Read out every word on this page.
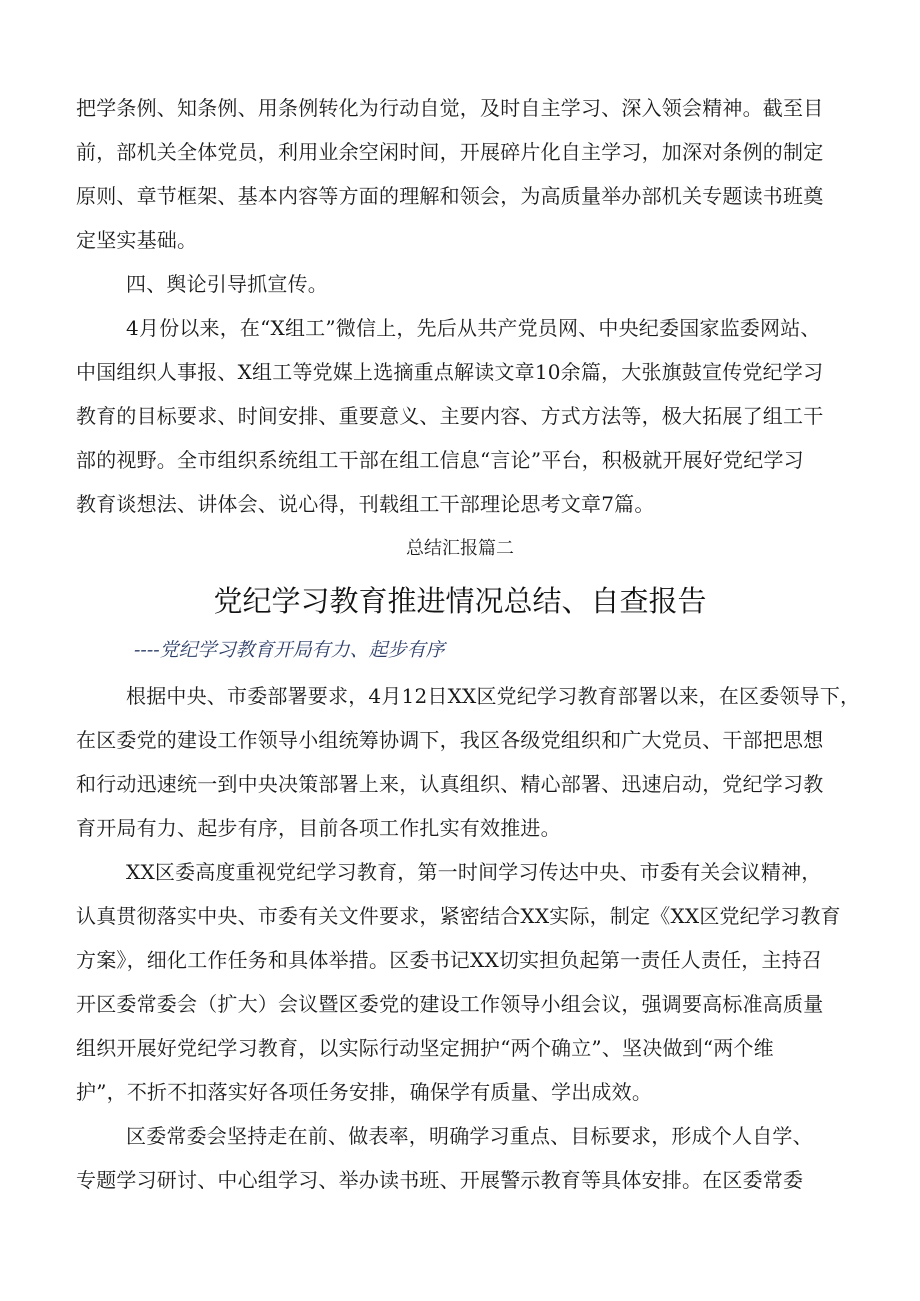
把学条例、知条例、用条例转化为行动自觉，及时自主学习、深入领会精神。截至目
前，部机关全体党员，利用业余空闲时间，开展碎片化自主学习，加深对条例的制定
原则、章节框架、基本内容等方面的理解和领会，为高质量举办部机关专题读书班奠
定坚实基础。
四、舆论引导抓宣传。
4月份以来，在“X组工”微信上，先后从共产党员网、中央纪委国家监委网站、
中国组织人事报、X组工等党媒上选摘重点解读文章10余篇，大张旗鼓宣传党纪学习
教育的目标要求、时间安排、重要意义、主要内容、方式方法等，极大拓展了组工干
部的视野。全市组织系统组工干部在组工信息“言论”平台，积极就开展好党纪学习
教育谈想法、讲体会、说心得，刊载组工干部理论思考文章7篇。
总结汇报篇二
党纪学习教育推进情况总结、自查报告
----党纪学习教育开局有力、起步有序
根据中央、市委部署要求，4月12日XX区党纪学习教育部署以来，在区委领导下，
在区委党的建设工作领导小组统筹协调下，我区各级党组织和广大党员、干部把思想
和行动迅速统一到中央决策部署上来，认真组织、精心部署、迅速启动，党纪学习教
育开局有力、起步有序，目前各项工作扎实有效推进。
XX区委高度重视党纪学习教育，第一时间学习传达中央、市委有关会议精神，
认真贯彻落实中央、市委有关文件要求，紧密结合XX实际，制定《XX区党纪学习教育
方案》，细化工作任务和具体举措。区委书记XX切实担负起第一责任人责任，主持召
开区委常委会（扩大）会议暨区委党的建设工作领导小组会议，强调要高标准高质量
组织开展好党纪学习教育，以实际行动坚定拥护“两个确立”、坚决做到“两个维
护”，不折不扣落实好各项任务安排，确保学有质量、学出成效。
区委常委会坚持走在前、做表率，明确学习重点、目标要求，形成个人自学、
专题学习研讨、中心组学习、举办读书班、开展警示教育等具体安排。在区委常委
